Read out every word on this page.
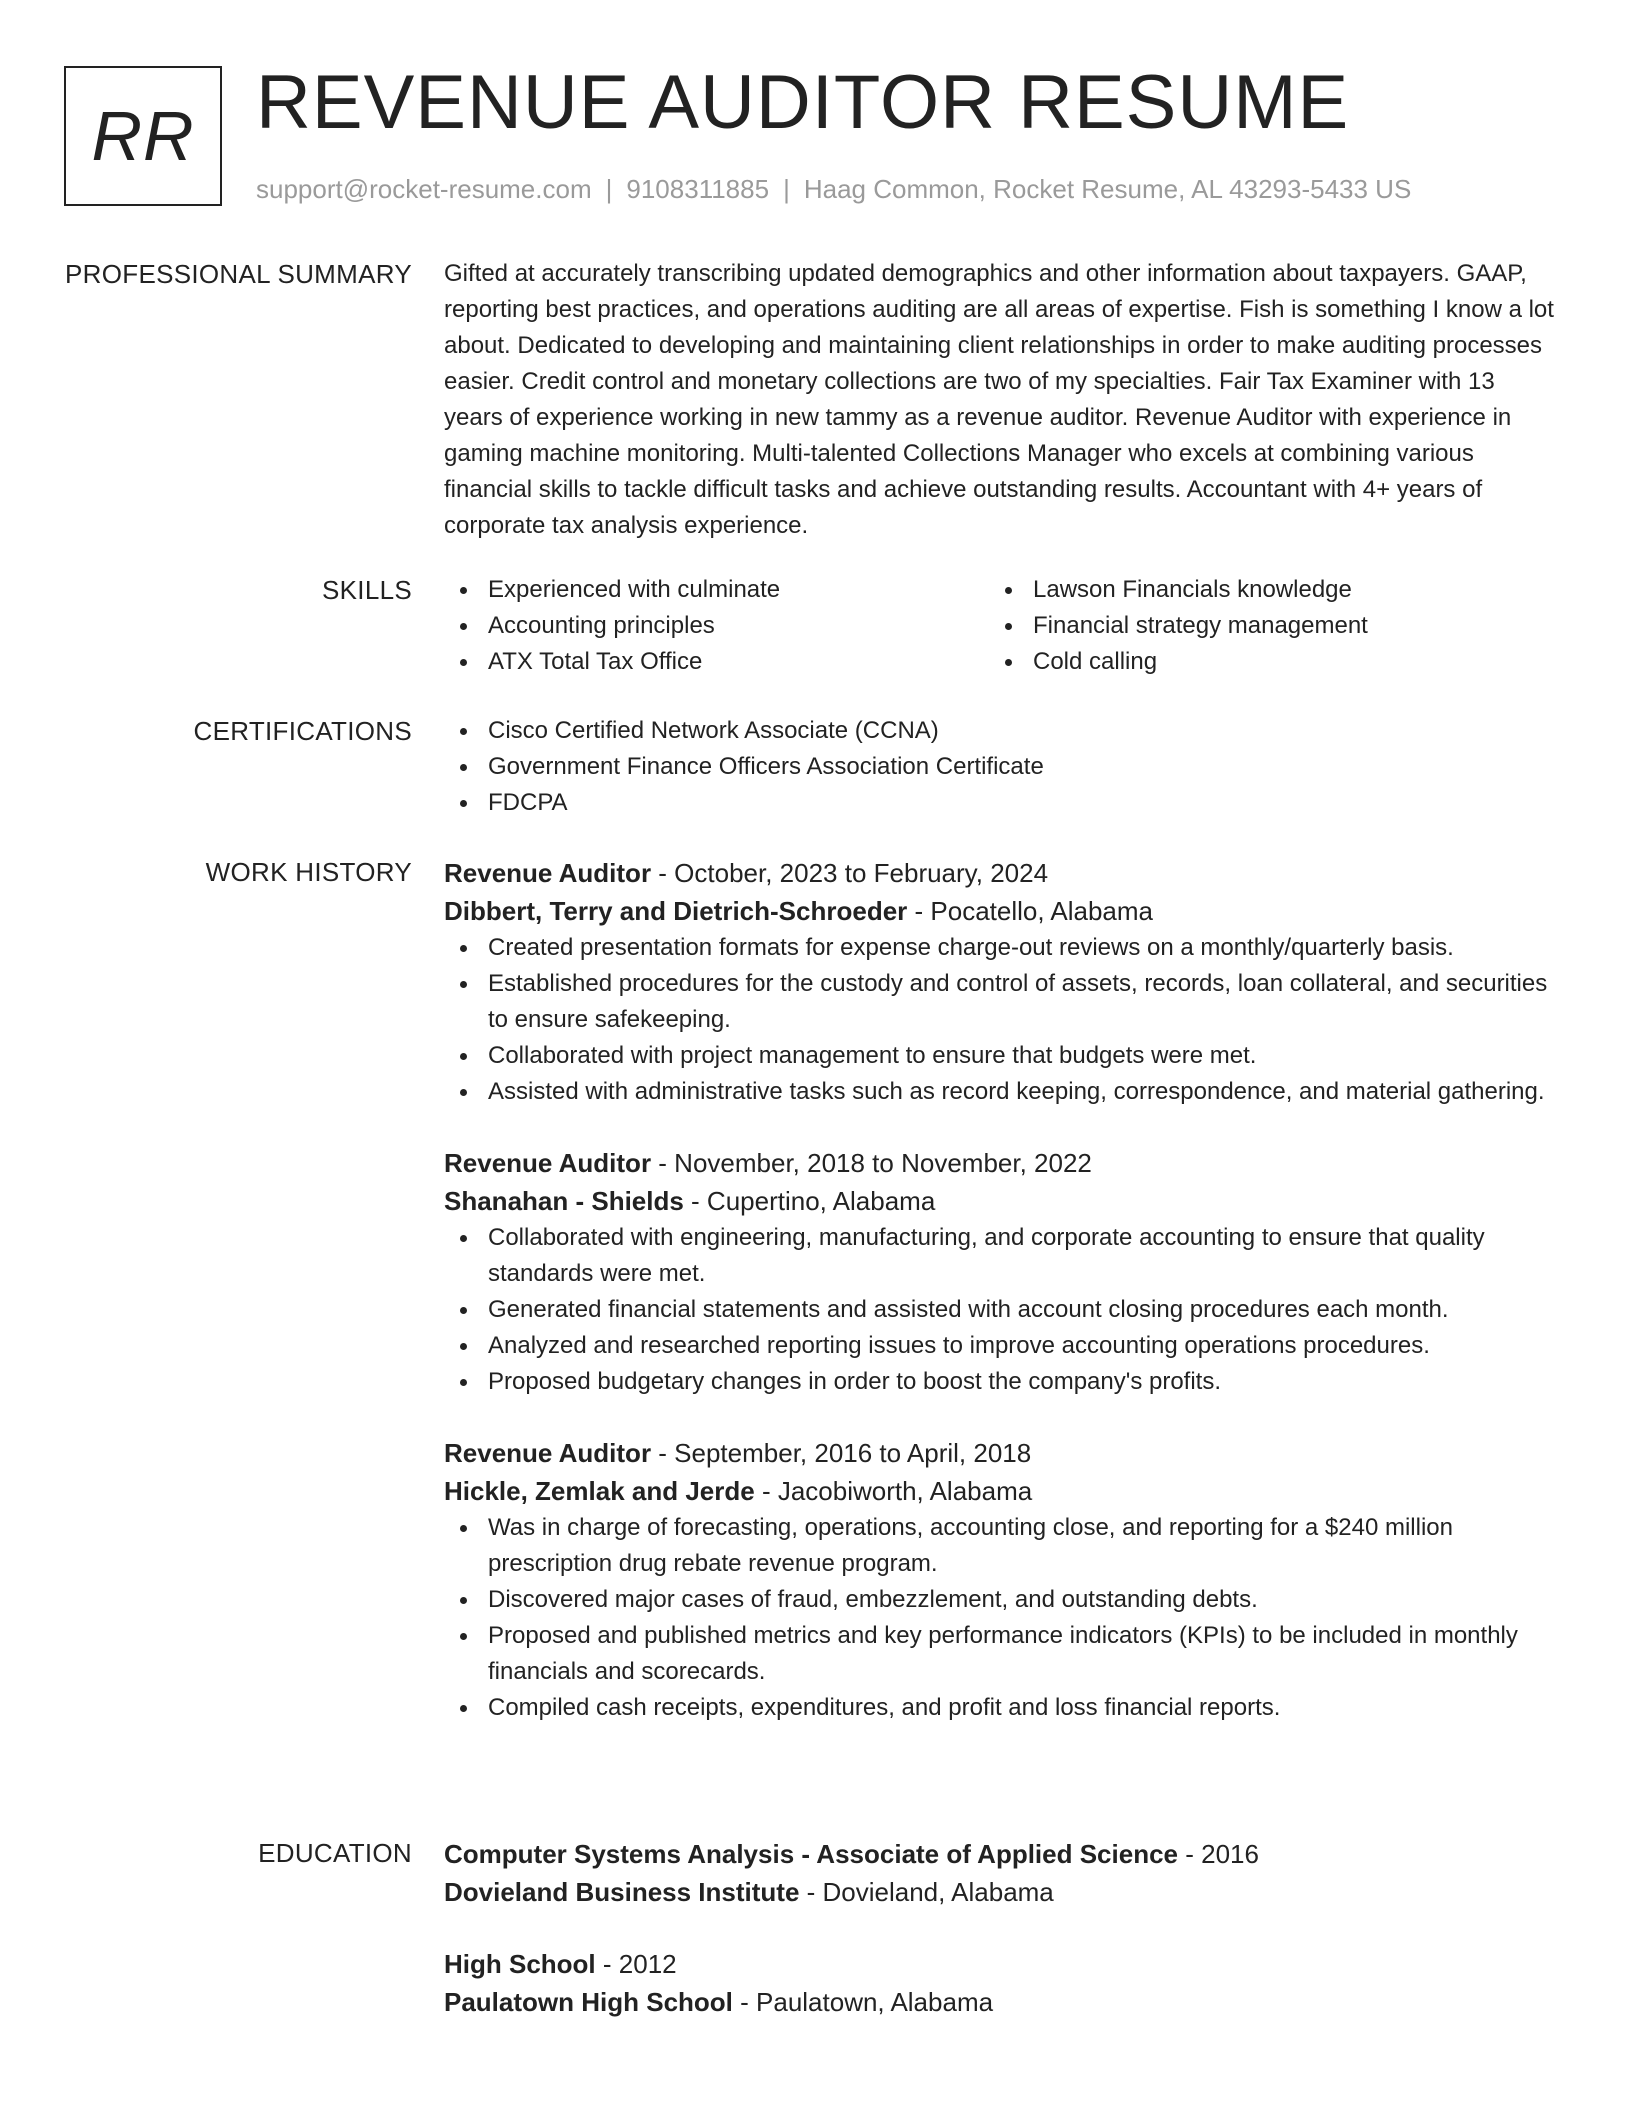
RR REVENUE AUDITOR RESUME
support@rocket-resume.com | 9108311885 | Haag Common, Rocket Resume, AL 43293-5433 US
PROFESSIONAL SUMMARY Gifted at accurately transcribing updated demographics and other information about taxpayers. GAAP, reporting best practices, and operations auditing are all areas of expertise. Fish is something I know a lot about. Dedicated to developing and maintaining client relationships in order to make auditing processes easier. Credit control and monetary collections are two of my specialties. Fair Tax Examiner with 13 years of experience working in new tammy as a revenue auditor. Revenue Auditor with experience in gaming machine monitoring. Multi-talented Collections Manager who excels at combining various financial skills to tackle difficult tasks and achieve outstanding results. Accountant with 4+ years of corporate tax analysis experience.

SKILLS	Experienced with culminate
Accounting principles
ATX Total Tax Office
Lawson Financials knowledge
Financial strategy management
Cold calling
CERTIFICATIONS	Cisco Certified Network Associate (CCNA)
Government Finance Officers Association Certificate
FDCPA
WORK HISTORY Revenue Auditor - October, 2023 to February, 2024
Dibbert, Terry and Dietrich-Schroeder - Pocatello, Alabama
Created presentation formats for expense charge-out reviews on a monthly/quarterly basis.
Established procedures for the custody and control of assets, records, loan collateral, and securities to ensure safekeeping.
Collaborated with project management to ensure that budgets were met.
Assisted with administrative tasks such as record keeping, correspondence, and material gathering.
Revenue Auditor - November, 2018 to November, 2022
Shanahan - Shields - Cupertino, Alabama
Collaborated with engineering, manufacturing, and corporate accounting to ensure that quality standards were met.
Generated financial statements and assisted with account closing procedures each month.
Analyzed and researched reporting issues to improve accounting operations procedures.
Proposed budgetary changes in order to boost the company's profits.
Revenue Auditor - September, 2016 to April, 2018
Hickle, Zemlak and Jerde - Jacobiworth, Alabama
Was in charge of forecasting, operations, accounting close, and reporting for a $240 million prescription drug rebate revenue program.
Discovered major cases of fraud, embezzlement, and outstanding debts.
Proposed and published metrics and key performance indicators (KPIs) to be included in monthly financials and scorecards.
Compiled cash receipts, expenditures, and profit and loss financial reports.
EDUCATION Computer Systems Analysis - Associate of Applied Science - 2016
Dovieland Business Institute - Dovieland, Alabama
High School - 2012
Paulatown High School - Paulatown, Alabama
